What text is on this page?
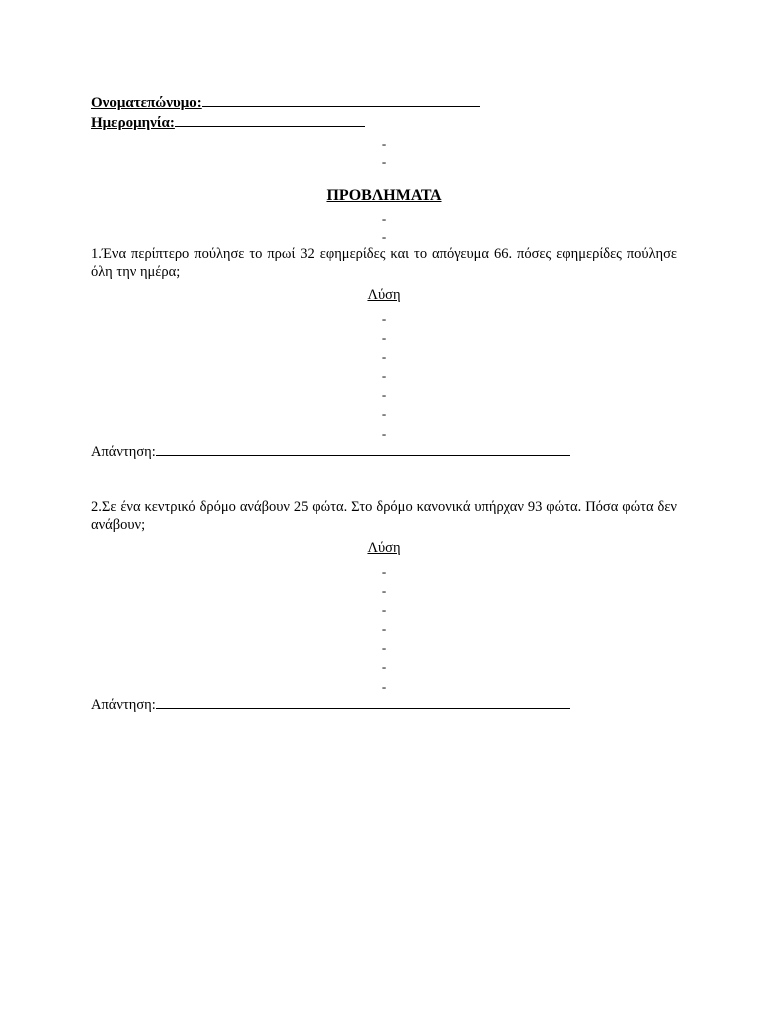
Ονοματεπώνυμο:
Ημερομηνία:
-
-
ΠΡΟΒΛΗΜΑΤΑ
-
-
1.Ένα περίπτερο πούλησε το πρωί 32 εφημερίδες και το απόγευμα 66. πόσες εφημερίδες πούλησε όλη την ημέρα;
Λύση
-
-
-
-
-
-
-
Απάντηση:
2.Σε ένα κεντρικό δρόμο ανάβουν 25 φώτα. Στο δρόμο κανονικά υπήρχαν 93 φώτα. Πόσα φώτα δεν ανάβουν;
Λύση
-
-
-
-
-
-
-
Απάντηση:
